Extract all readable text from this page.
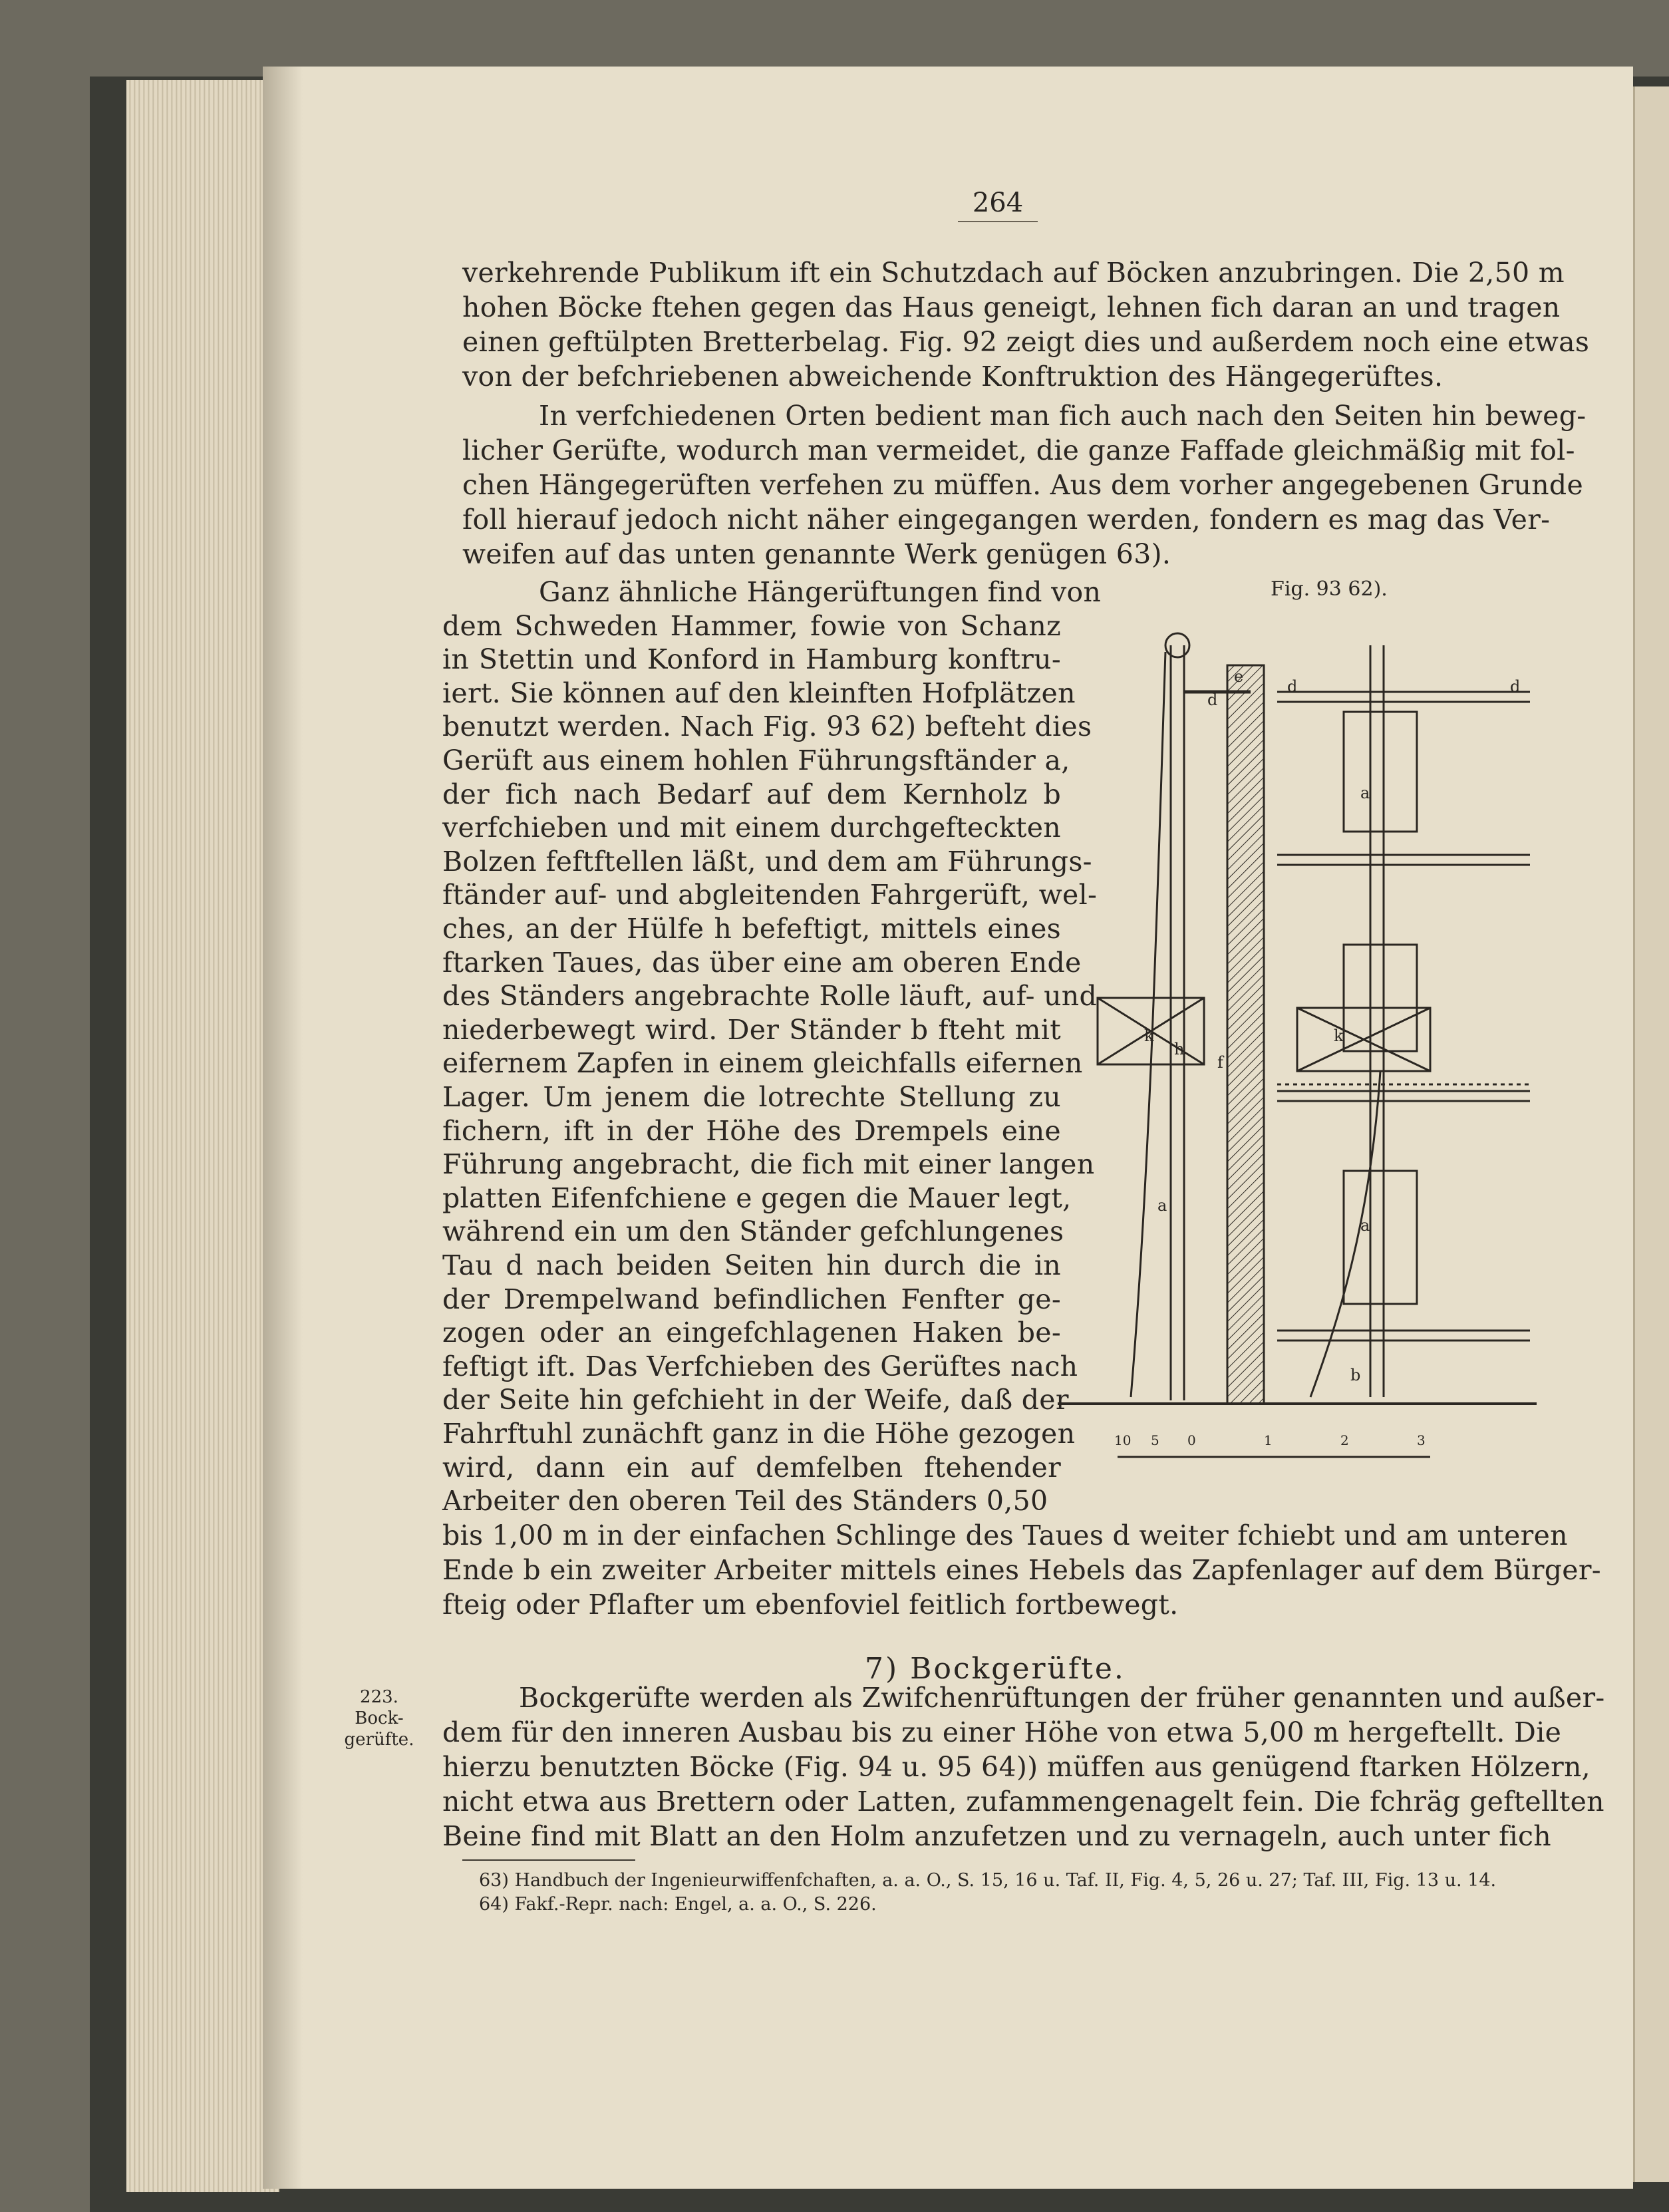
264
verkehrende Publikum ift ein Schutzdach auf Böcken anzubringen. Die 2,50 m
hohen Böcke ftehen gegen das Haus geneigt, lehnen fich daran an und tragen
einen geftülpten Bretterbelag. Fig. 92 zeigt dies und außerdem noch eine etwas
von der befchriebenen abweichende Konftruktion des Hängegerüftes.
In verfchiedenen Orten bedient man fich auch nach den Seiten hin beweg-
licher Gerüfte, wodurch man vermeidet, die ganze Faffade gleichmäßig mit fol-
chen Hängegerüften verfehen zu müffen. Aus dem vorher angegebenen Grunde
foll hierauf jedoch nicht näher eingegangen werden, fondern es mag das Ver-
weifen auf das unten genannte Werk genügen 63).
Fig. 93 62).
Ganz ähnliche Hängerüftungen find von
dem Schweden Hammer, fowie von Schanz
in Stettin und Konford in Hamburg konftru-
iert. Sie können auf den kleinften Hofplätzen
benutzt werden. Nach Fig. 93 62) befteht dies
Gerüft aus einem hohlen Führungsftänder a,
der fich nach Bedarf auf dem Kernholz b
verfchieben und mit einem durchgefteckten
Bolzen feftftellen läßt, und dem am Führungs-
ftänder auf- und abgleitenden Fahrgerüft, wel-
ches, an der Hülfe h befeftigt, mittels eines
ftarken Taues, das über eine am oberen Ende
des Ständers angebrachte Rolle läuft, auf- und
niederbewegt wird. Der Ständer b fteht mit
eifernem Zapfen in einem gleichfalls eifernen
Lager. Um jenem die lotrechte Stellung zu
fichern, ift in der Höhe des Drempels eine
Führung angebracht, die fich mit einer langen
platten Eifenfchiene e gegen die Mauer legt,
während ein um den Ständer gefchlungenes
Tau d nach beiden Seiten hin durch die in
der Drempelwand befindlichen Fenfter ge-
zogen oder an eingefchlagenen Haken be-
feftigt ift. Das Verfchieben des Gerüftes nach
der Seite hin gefchieht in der Weife, daß der
Fahrftuhl zunächft ganz in die Höhe gezogen
wird, dann ein auf demfelben ftehender
Arbeiter den oberen Teil des Ständers 0,50
bis 1,00 m in der einfachen Schlinge des Taues d weiter fchiebt und am unteren
Ende b ein zweiter Arbeiter mittels eines Hebels das Zapfenlager auf dem Bürger-
fteig oder Pflafter um ebenfoviel feitlich fortbewegt.
7) Bockgerüfte.
223.
Bock-
gerüfte.
Bockgerüfte werden als Zwifchenrüftungen der früher genannten und außer-
dem für den inneren Ausbau bis zu einer Höhe von etwa 5,00 m hergeftellt. Die
hierzu benutzten Böcke (Fig. 94 u. 95 64)) müffen aus genügend ftarken Hölzern,
nicht etwa aus Brettern oder Latten, zufammengenagelt fein. Die fchräg geftellten
Beine find mit Blatt an den Holm anzufetzen und zu vernageln, auch unter fich
63) Handbuch der Ingenieurwiffenfchaften, a. a. O., S. 15, 16 u. Taf. II, Fig. 4, 5, 26 u. 27; Taf. III, Fig. 13 u. 14.
64) Fakf.-Repr. nach: Engel, a. a. O., S. 226.
a
a
a
b
d
d	d
e
f
h
k	k
10 5 0	1	2	3
